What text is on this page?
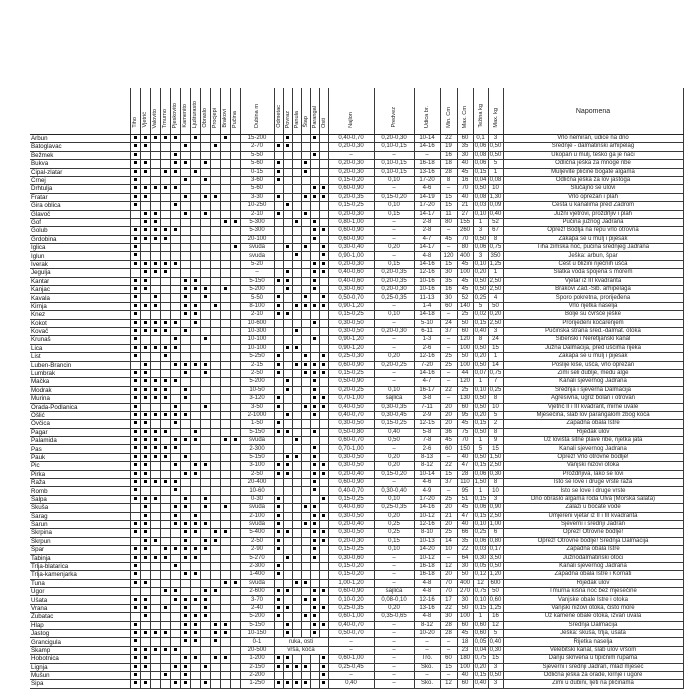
	Tiho	Vjetrić	Valovito	Tmurno	Pjeskovito	Kamenito	Ljušturasto	Obraslo	Procjepi	Brakovi	Pučina	Dubina m	Odmetac	Povraz	Panula	Štap	Parangal	Osti	Najlon	Predvez	Udica br.	Min. Cm	Max. Cm	Težina kg	Max. kg	Napomena
Arbun												15-200							0,40-0,70	0,20-0,30	10-14	22	60	0,1	3	Vrlo nemiran, udice na dno
Batoglavac												2-70							0,20-0,30	0,10-0,15	14-16	19	35	0,06	0,50	Srednje - dalmatinski arhipelag
Bežmek												5-50							–	–	–	16	30	0,08	0,50	Ukopan u mulj, teško ga je naći
Bukva												5-60							0,20-0,30	0,10-0,15	16-18	18	40	0,06	5	Odlična ješka za mnoge ribe
Cipal-zlatar												0-15							0,20-0,30	0,10-0,15	13-16	28	45	0,15	1	Muljevite pličine bogate algama
Crnej												3-60							0,15-0,20	0,10	17-20	8	16	0,04	0,08	Odlična ješka za lov jastoga
Drhtulja												5-60							0,60-0,90	–	4-6	–	70	0,50	10	Slučajno se ulovi
Fratar												3-30							0,20-0,35	0,15-0,20	14-19	15	40	0,08	1,30	Vrlo oprezan i plah
Gira oblica												10-250							0,15-0,25	0,10	17-20	15	21	0,03	0,09	Česta u kanalima pred Zadrom
Glavoč												2-10							0,20-0,30	0,15	14-17	11	27	0,10	0,40	Južni vjetrovi, proždrljiv i plah
Gof												5-300							0,80-1,00	–	2-8	80	155	1	52	Pučina južnog Jadrana
Golub												5-300							0,60-0,90	–	2-8	–	260	3	67	Oprez! Bodlja na repu vrlo otrovna
Grdobina												20-100							0,60-0,90	–	4-7	45	70	0,50	8	Zakapa se u mulj i pijesak
Iglica												svuda							0,30-0,40	0,20	14-17	–	80	0,06	0,75	Tiha zimska noć, pučina srednjeg Jadrana
Iglun												svuda							0,90-1,00	–	4-8	120	400	3	350	Ješka: arbun, špar
Iverak												5-20							0,20-0,30	0,15	14-16	15	45	0,10	1,25	Čest u blizini riječnih ušća
Jegulja												–							0,40-0,60	0,20-0,35	12-16	30	100	0,20	1	Slatka voda spojena s morem
Kantar												5-150							0,40-0,60	0,20-0,35	10-16	35	45	0,50	2,50	Vjetar iz III kvadranta
Kanjac												5-200							0,30-0,60	0,20-0,30	10-16	16	45	0,50	2,50	Brakovi Zad.-Šib. arhipelaga
Kavala												5-50							0,50-0,70	0,25-0,35	11-13	30	52	0,25	4	Sporo pokretna, prorijeđena
Kirnja												8-100							0,90-1,20	–	1-4	60	140	5	50	Vrlo rijetka naselja
Knez												2-10							0,15-0,25	0,10	14-18	–	25	0,02	0,20	Bolje su čvršće ješke
Kokot												10-600							0,30-0,50	–	5-10	24	50	0,15	2,50	Prorijeđeni koćarenjem
Kovač												10-300							0,30-0,50	0,20-0,30	6-11	37	60	0,40	3	Pučinska strana sred.-dalmat. otoka
Krunaš												10-100							0,90-1,20	–	1-3	–	120	8	24	Šibenski i Neretljanski kanal
Lica												10-100							0,90-1,20	–	2-6	–	100	0,50	15	Južna Dalmacija, pred ušćima rijeka
List												5-250							0,25-0,30	0,20	12-16	25	50	0,20	1	Zakapa se u mulj i pijesak
Luben-Brancin												2-15							0,60-0,90	0,20-0,25	7-20	25	100	0,50	14	Poslije kiše, ušća, vrlo oprezan
Lumbrak												2-50							0,15-0,25	–	14-16	–	44	0,07	0,75	Zimi seli dublje, među alge
Mačka												5-200							0,50-0,90	–	4-7	–	120	1	7	Kanali sjevernog Jadrana
Modrak												10-50							0,20-0,25	0,10	16-17	22	25	0,10	0,25	Srednja i sjeverna Dalmacija
Murina												3-120							0,70-1,00	sajlica	3-8	–	130	0,50	8	Agresivna, ugriz bolan i otrovan
Orada-Podlanica												3-50							0,40-0,50	0,30-0,35	7-11	20	60	0,50	10	Vjetrić II i III kvadrant, mirne uvale
Ošlić												2-1000							0,40-0,70	0,30-0,45	2-9	20	95	0,20	5	Mjesečina, slab lov parangalom zbog koća
Ovčica												1-50							0,30-0,50	0,15-0,25	12-15	20	45	0,15	2	Zapadna obala Istre
Pagar												5-150							0,50-0,80	0,40	5-8	36	75	0,50	8	Rijedak ulov
Palamida												svuda							0,60-0,70	0,50	7-8	45	70	1	9	Uz lovišta sitne plave ribe, rijetka jata
Pas												2-300							0,70-1,00	–	2-6	60	150	5	15	Kanali sjevernog Jadrana
Pauk												5-150							0,30-0,50	0,20	8-13	–	40	0,50	1,50	Oprez! Vrlo otrovne bodlje!
Pic												3-100							0,30-0,50	0,20	8-12	22	47	0,15	2,50	Vanjski nizovi otoka
Pirka												2-50							0,20-0,40	0,15-0,20	10-14	15	28	0,06	0,30	Proždrljiva, lako se lovi
Raža												20-400							0,60-0,90	–	4-6	37	110	1,50	8	Isto se love i druge vrste raža
Romb												10-60							0,40-0,70	0,30-0,40	4-9	–	95	1	10	Isto se love i druge vrste
Salpa												0-30							0,15-0,25	0,10	17-20	25	51	0,15	3	Dno obraslo algama roda Ulva (Morska salata)
Skuša												svuda							0,40-0,60	0,25-0,35	14-16	20	45	0,06	0,90	Zalazi u boćate vode
Šarag												2-100							0,30-0,50	0,20	10-12	21	47	0,15	2,50	Umjereni vjetar iz II i III kvadranta
Šarun												svuda							0,20-0,40	0,25	12-16	20	40	0,10	1,00	Sjeverni i srednji Jadran
Škrpina												5-400							0,30-0,50	0,25	8-10	25	66	0,25	6	Oprez! Otrovne bodlje!
Škrpun												2-50							0,20-0,30	0,15	10-13	14	35	0,06	0,80	Oprez! Otrovne bodlje! Srednja Dalmacija
Špar												2-90							0,15-0,25	0,10	14-20	10	22	0,03	0,17	Zapadna obala Istre
Tabinja												5-270							0,30-0,60	–	10-12	–	64	0,30	3,50	Južnodalmatinski otoci
Trlja-blatarica												2-300							0,15-0,20	–	16-18	12	30	0,05	0,50	Kanali sjevernog Jadrana
Trlja-kamenjarka												1-400							0,15-0,20	–	16-18	20	50	0,12	1,20	Zapadna obala Istre i Kornati
Tuna												svuda							1,00-1,20	–	4-8	70	400	12	600	Rijedak ulov
Ugor												2-600							0,60-0,90	sajlica	4-8	70	270	0,75	50	Tmurna kišna noć bez mjesečine
Ušata												3-70							0,10-0,20	0,08-0,10	12-16	17	30	0,10	0,60	Vanjske obale Istre i otoka
Vrana												2-40							0,25-0,35	0,20	13-16	22	50	0,15	1,25	Vanjski nizovi otoka, čisto more
Zubatac												5-200							0,60-1,00	0,35-0,65	4-8	30	100	1	16	Uz kamene obale otoka, izvan uvala
Hlap												5-150							0,40-0,70	–	8-12	28	60	0,60	12	Srednja Dalmacija
Jastog												10-150							0,50-0,70	–	10-20	28	45	0,60	5	Ješka: skuša, trlja, ušata
Grancigula												0-1	ruka, osti						–	–	–	–	18	0,05	0,40	Rijetka naselja
Škamp												20-500	vrša, koća						–	–	–	–	23	0,04	0,30	Velebitski kanal, slab ulov vršom
Hobotnica												1-200							0,60-1,00	–	Tro.	60	180	0,75	15	Danju skrivena u tipičnim rupama
Lignja												2-150							0,25-0,45	–	Sko.	15	100	0,20	3	Sjeverni i srednji Jadran, mlad mjesec
Mušun												2-200							–	–	–	–	40	0,15	0,50	Odlična ješka za orade, kirnje i ugore
Sipa												1-250							0,40	–	Sko.	12	60	0,40	3	Zimi u dubini, ljeti na pličinama
